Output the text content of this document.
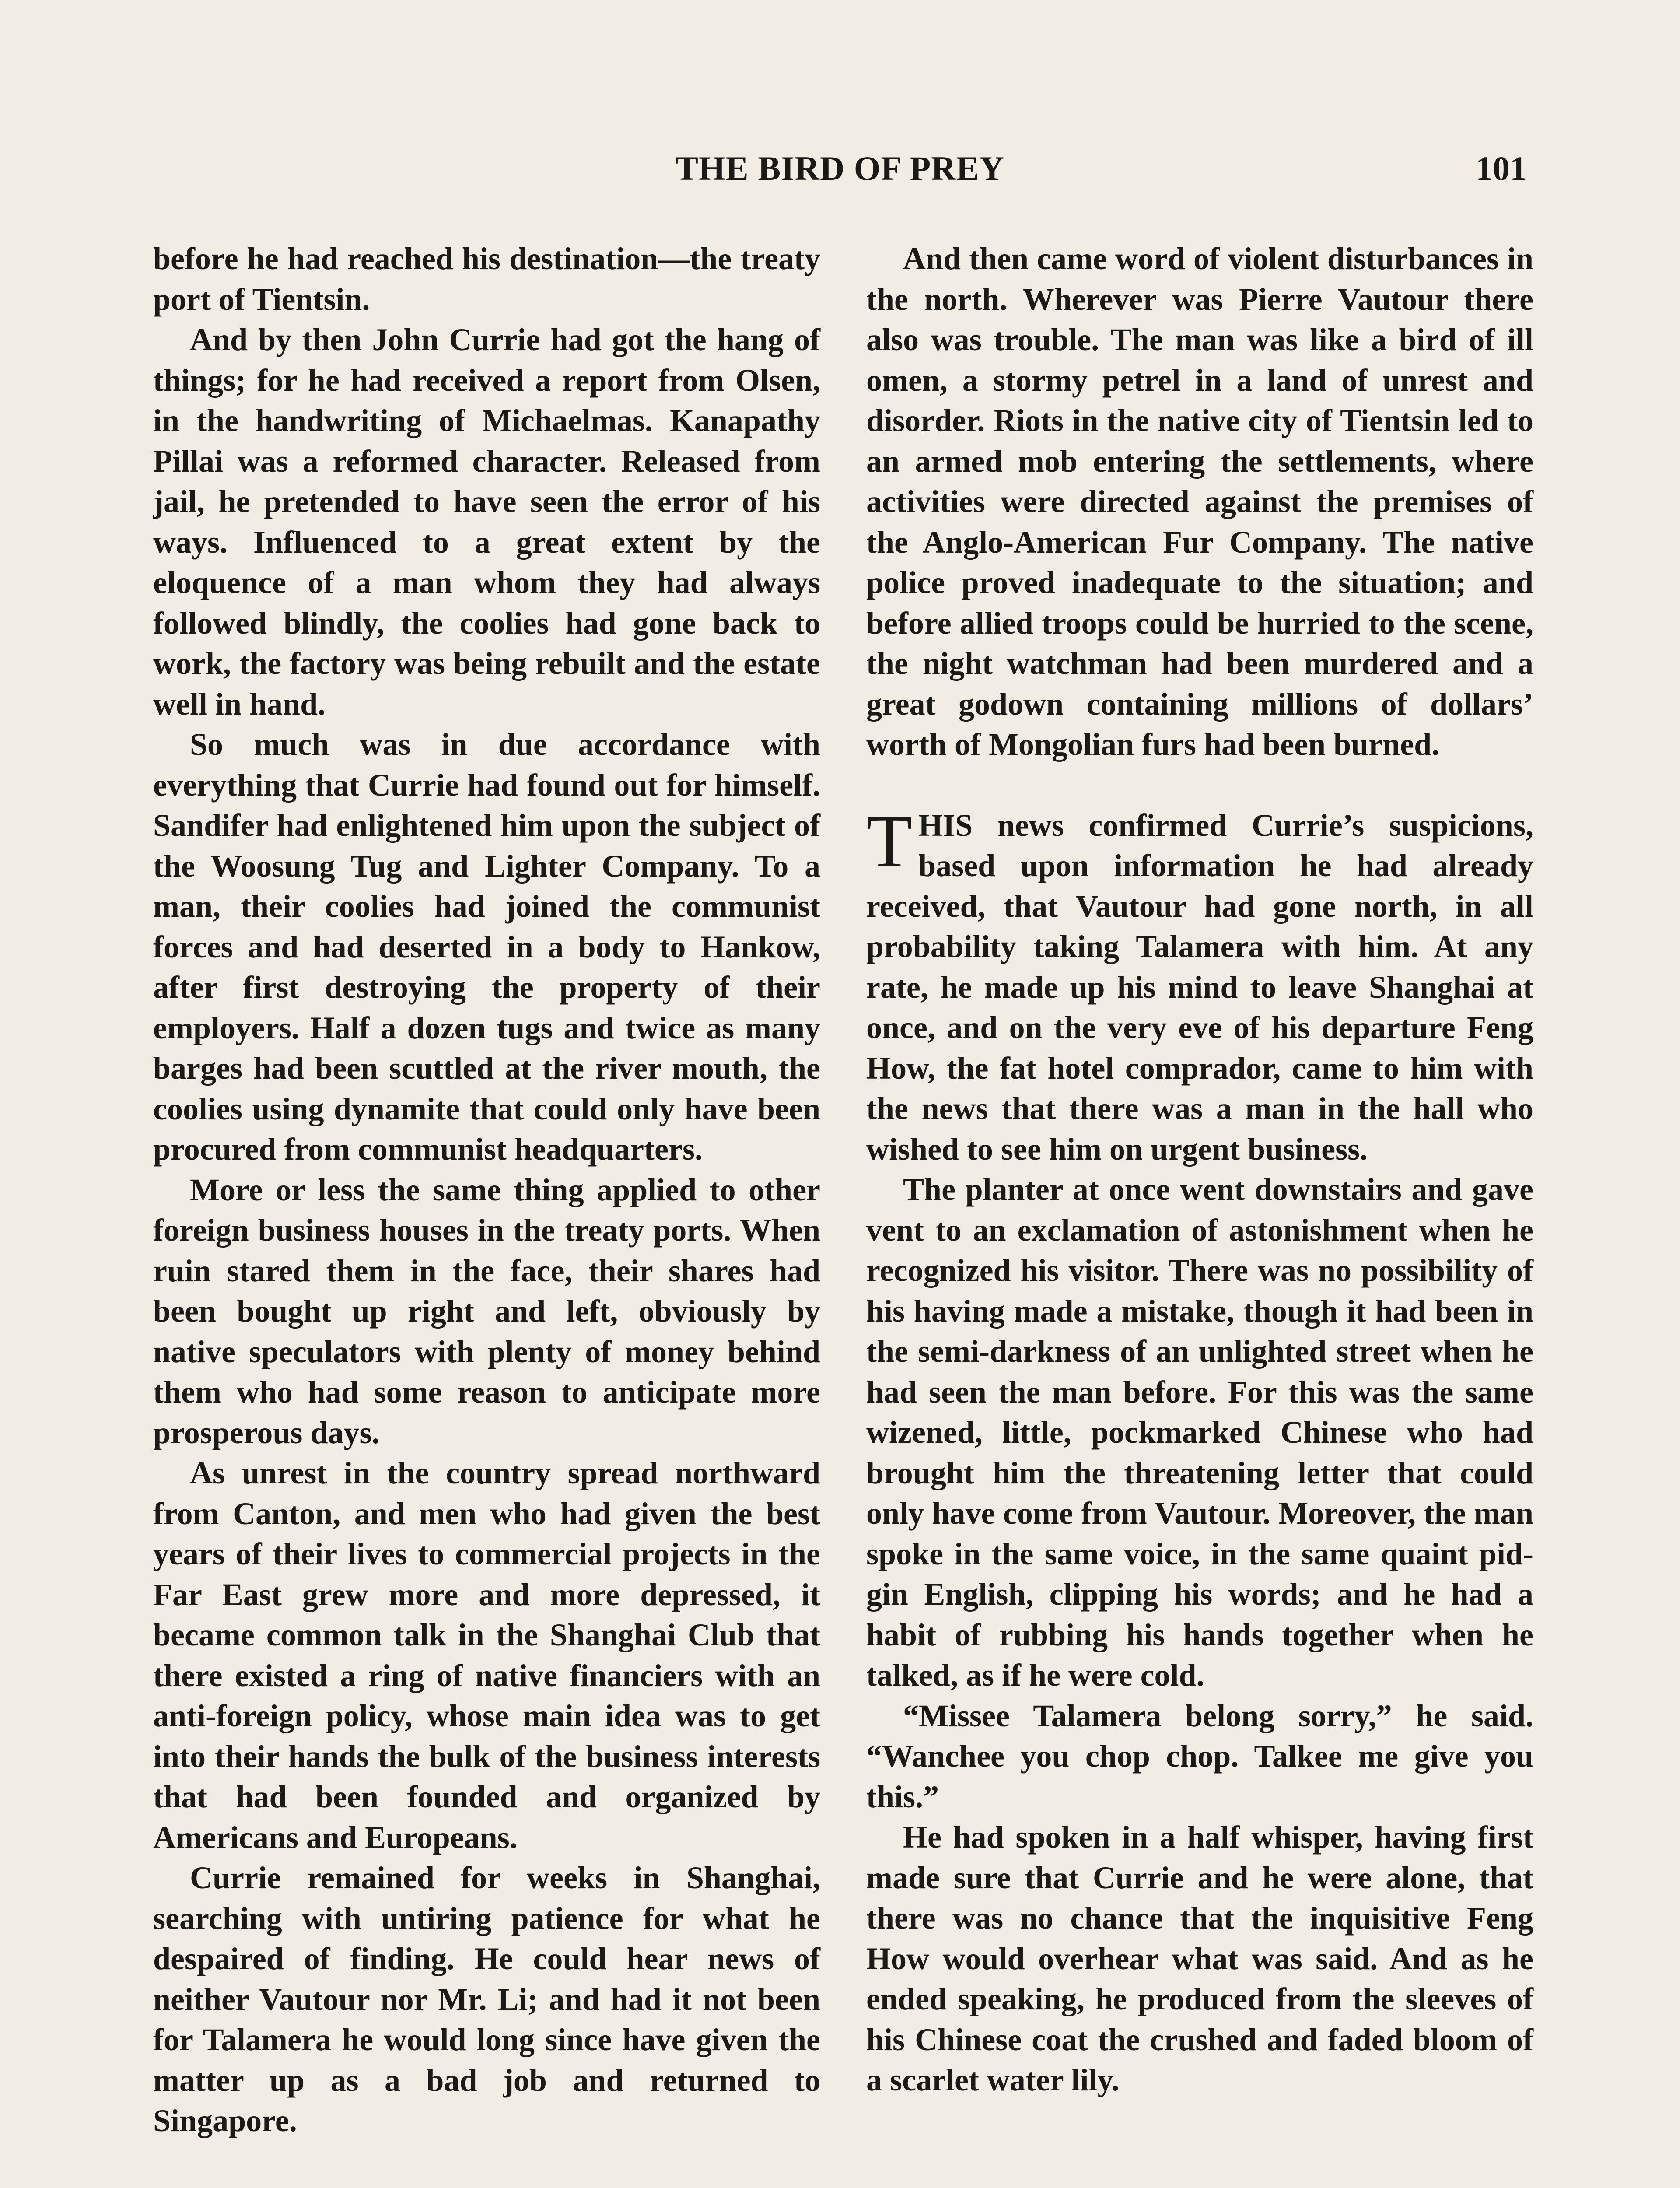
THE BIRD OF PREY	101

before he had reached his destination—the treaty port of Tientsin.

And by then John Currie had got the hang of things; for he had received a report from Olsen, in the handwriting of Michaelmas. Kanapathy Pillai was a reformed character. Released from jail, he pretended to have seen the error of his ways. Influenced to a great extent by the eloquence of a man whom they had always followed blindly, the coolies had gone back to work, the factory was being rebuilt and the estate well in hand.

So much was in due accordance with everything that Currie had found out for himself. Sandifer had enlightened him upon the subject of the Woosung Tug and Lighter Company. To a man, their coolies had joined the communist forces and had deserted in a body to Hankow, after first destroying the property of their employers. Half a dozen tugs and twice as many barges had been scuttled at the river mouth, the coolies using dynamite that could only have been procured from communist headquarters.

More or less the same thing applied to other foreign business houses in the treaty ports. When ruin stared them in the face, their shares had been bought up right and left, obviously by native speculators with plenty of money behind them who had some reason to anticipate more prosperous days.

As unrest in the country spread northward from Canton, and men who had given the best years of their lives to commercial projects in the Far East grew more and more depressed, it became common talk in the Shanghai Club that there existed a ring of native financiers with an anti-foreign policy, whose main idea was to get into their hands the bulk of the business interests that had been founded and organized by Americans and Europeans.

Currie remained for weeks in Shanghai, searching with untiring patience for what he despaired of finding. He could hear news of neither Vautour nor Mr. Li; and had it not been for Talamera he would long since have given the matter up as a bad job and returned to Singapore.

And then came word of violent disturbances in the north. Wherever was Pierre Vautour there also was trouble. The man was like a bird of ill omen, a stormy petrel in a land of unrest and disorder. Riots in the native city of Tientsin led to an armed mob entering the settlements, where activities were directed against the premises of the Anglo-American Fur Company. The native police proved inadequate to the situation; and before allied troops could be hurried to the scene, the night watchman had been murdered and a great godown containing millions of dollars’ worth of Mongolian furs had been burned.

THIS news confirmed Currie’s suspicions, based upon information he had already received, that Vautour had gone north, in all probability taking Talamera with him. At any rate, he made up his mind to leave Shanghai at once, and on the very eve of his departure Feng How, the fat hotel comprador, came to him with the news that there was a man in the hall who wished to see him on urgent business.

The planter at once went downstairs and gave vent to an exclamation of astonishment when he recognized his visitor. There was no possibility of his having made a mistake, though it had been in the semi-darkness of an unlighted street when he had seen the man before. For this was the same wizened, little, pockmarked Chinese who had brought him the threatening letter that could only have come from Vautour. Moreover, the man spoke in the same voice, in the same quaint pidgin English, clipping his words; and he had a habit of rubbing his hands together when he talked, as if he were cold.

“Missee Talamera belong sorry,” he said. “Wanchee you chop chop. Talkee me give you this.”

He had spoken in a half whisper, having first made sure that Currie and he were alone, that there was no chance that the inquisitive Feng How would overhear what was said. And as he ended speaking, he produced from the sleeves of his Chinese coat the crushed and faded bloom of a scarlet water lily.
